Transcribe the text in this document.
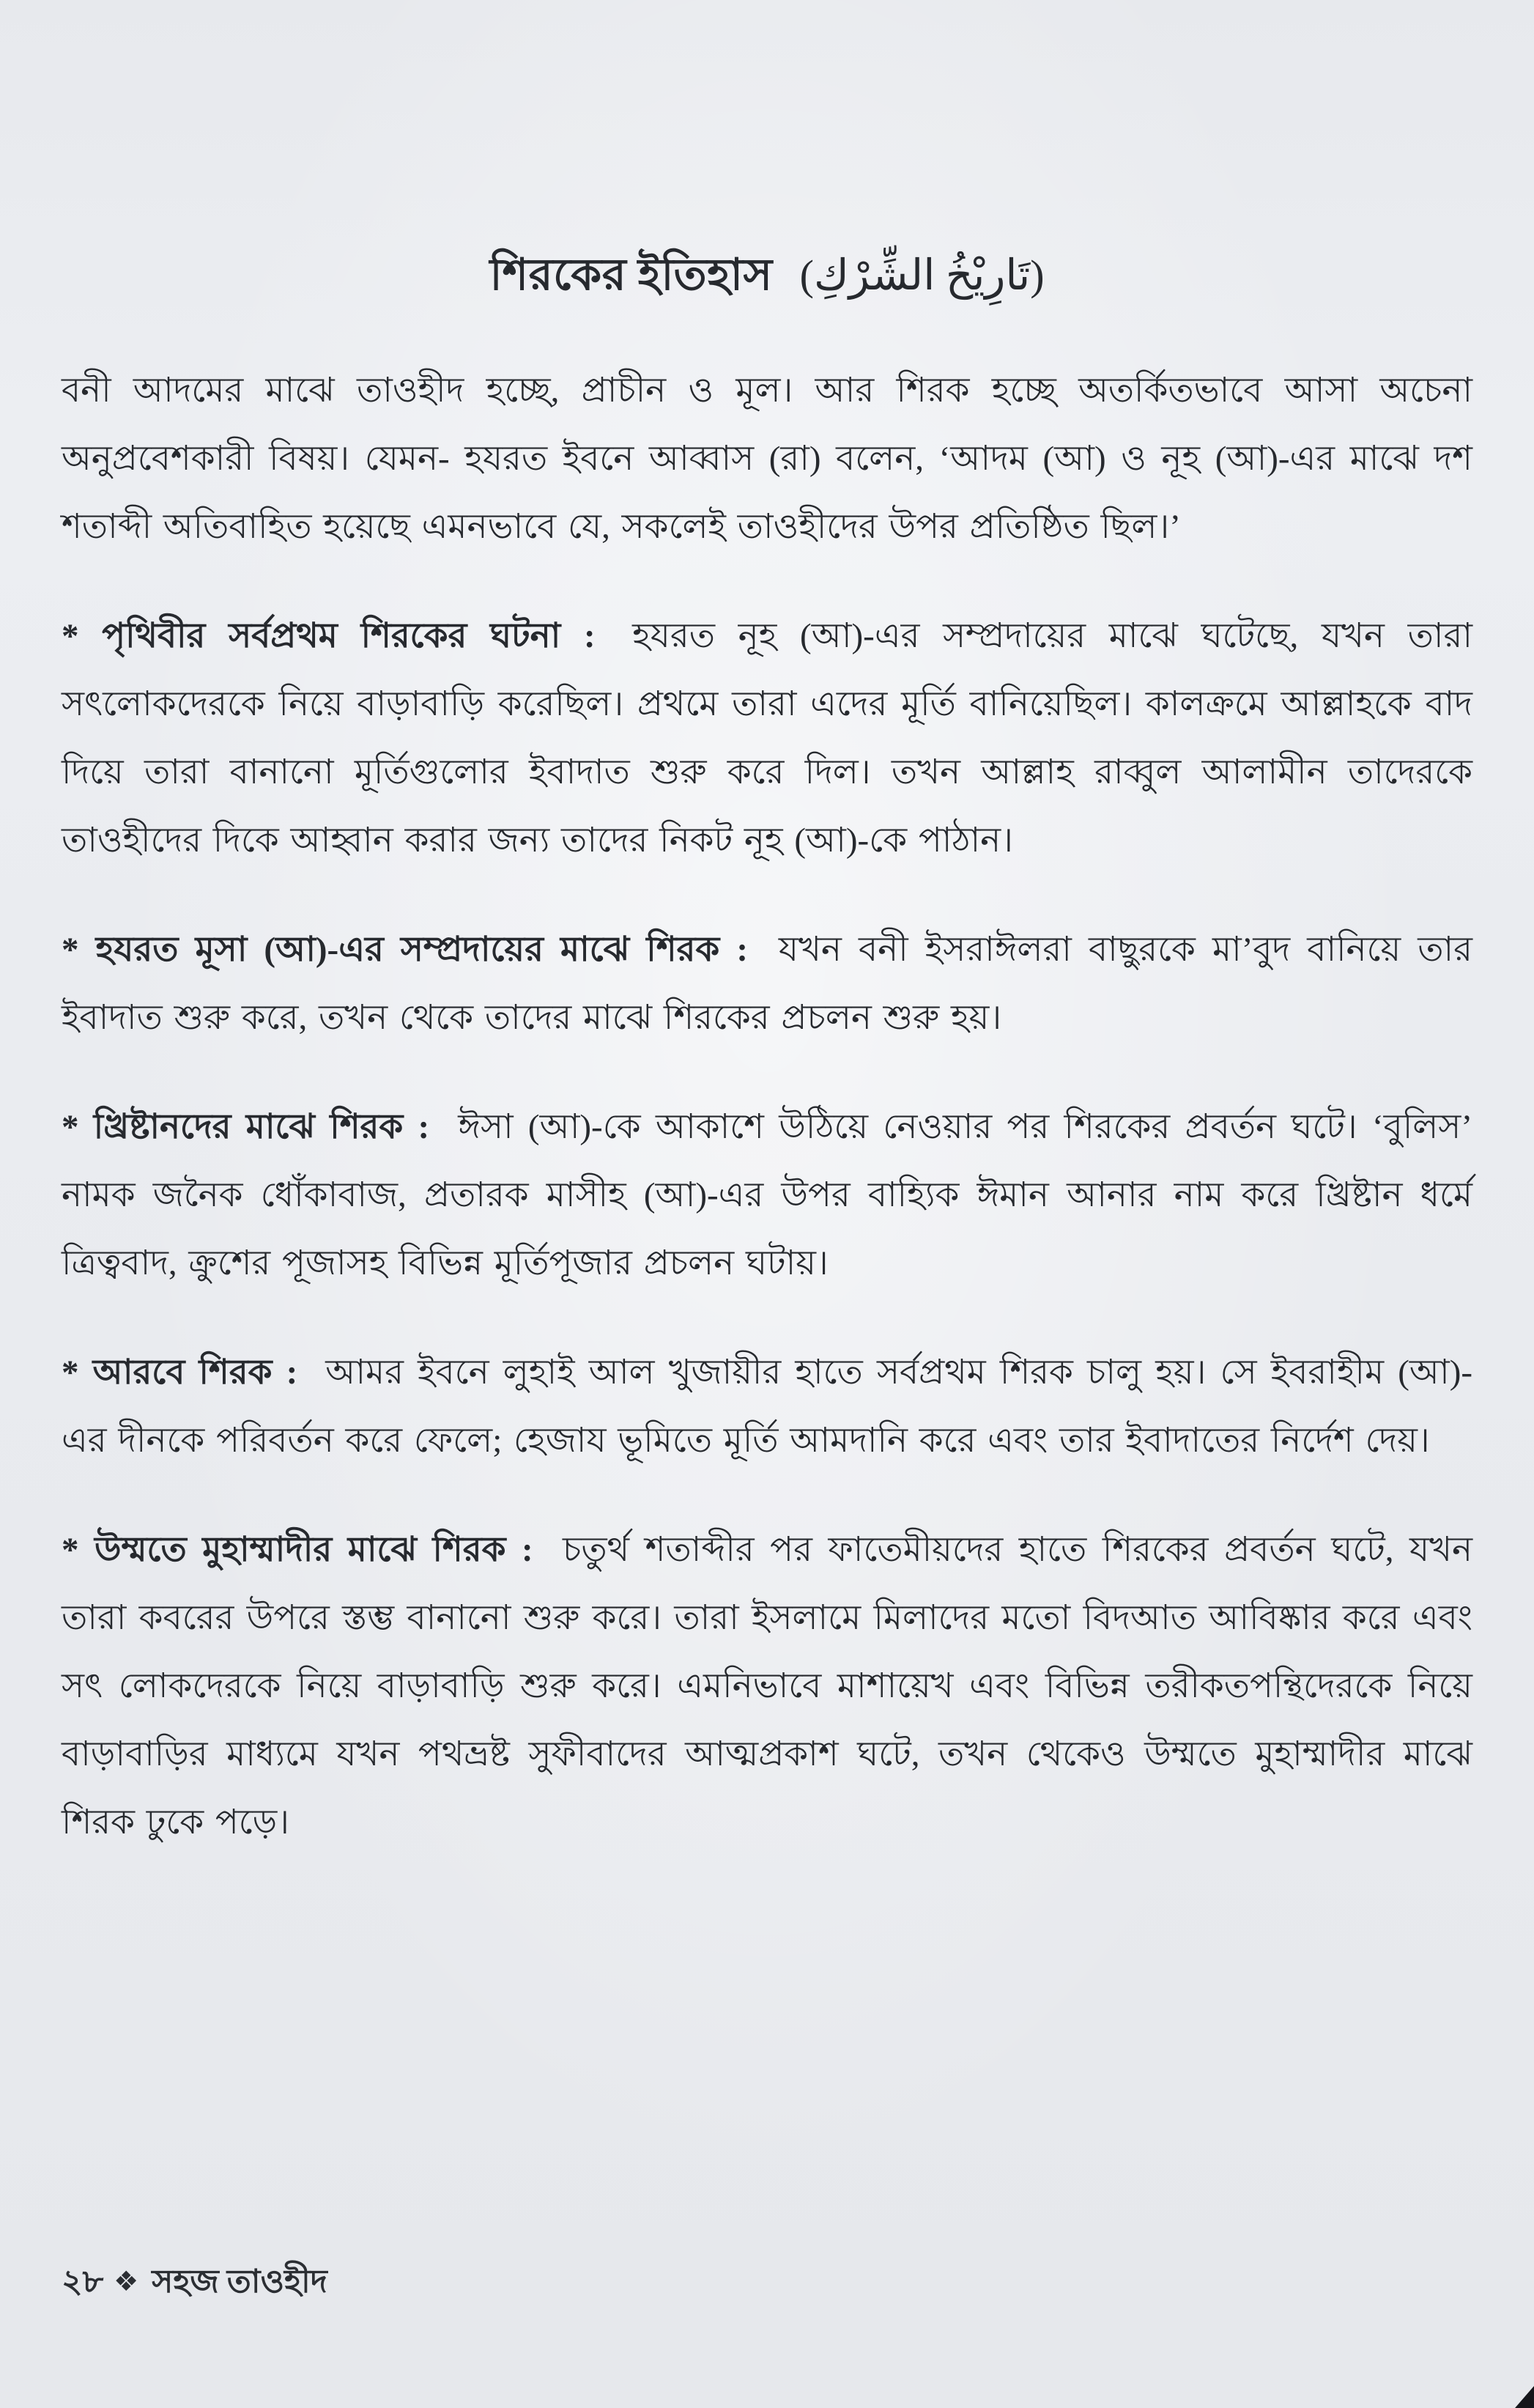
শিরকের ইতিহাস (تَارِيْخُ الشِّرْكِ)

বনী আদমের মাঝে তাওহীদ হচ্ছে, প্রাচীন ও মূল। আর শিরক হচ্ছে অতর্কিতভাবে আসা অচেনা অনুপ্রবেশকারী বিষয়। যেমন- হযরত ইবনে আব্বাস (রা) বলেন, ‘আদম (আ) ও নূহ (আ)-এর মাঝে দশ শতাব্দী অতিবাহিত হয়েছে এমনভাবে যে, সকলেই তাওহীদের উপর প্রতিষ্ঠিত ছিল।’

* পৃথিবীর সর্বপ্রথম শিরকের ঘটনা : হযরত নূহ (আ)-এর সম্প্রদায়ের মাঝে ঘটেছে, যখন তারা সৎলোকদেরকে নিয়ে বাড়াবাড়ি করেছিল। প্রথমে তারা এদের মূর্তি বানিয়েছিল। কালক্রমে আল্লাহকে বাদ দিয়ে তারা বানানো মূর্তিগুলোর ইবাদাত শুরু করে দিল। তখন আল্লাহ রাব্বুল আলামীন তাদেরকে তাওহীদের দিকে আহ্বান করার জন্য তাদের নিকট নূহ (আ)-কে পাঠান।

* হযরত মূসা (আ)-এর সম্প্রদায়ের মাঝে শিরক : যখন বনী ইসরাঈলরা বাছুরকে মা’বুদ বানিয়ে তার ইবাদাত শুরু করে, তখন থেকে তাদের মাঝে শিরকের প্রচলন শুরু হয়।

* খ্রিষ্টানদের মাঝে শিরক : ঈসা (আ)-কে আকাশে উঠিয়ে নেওয়ার পর শিরকের প্রবর্তন ঘটে। ‘বুলিস’ নামক জনৈক ধোঁকাবাজ, প্রতারক মাসীহ (আ)-এর উপর বাহ্যিক ঈমান আনার নাম করে খ্রিষ্টান ধর্মে ত্রিত্ববাদ, ক্রুশের পূজাসহ বিভিন্ন মূর্তিপূজার প্রচলন ঘটায়।

* আরবে শিরক : আমর ইবনে লুহাই আল খুজায়ীর হাতে সর্বপ্রথম শিরক চালু হয়। সে ইবরাহীম (আ)-এর দীনকে পরিবর্তন করে ফেলে; হেজায ভূমিতে মূর্তি আমদানি করে এবং তার ইবাদাতের নির্দেশ দেয়।

* উম্মতে মুহাম্মাদীর মাঝে শিরক : চতুর্থ শতাব্দীর পর ফাতেমীয়দের হাতে শিরকের প্রবর্তন ঘটে, যখন তারা কবরের উপরে স্তম্ভ বানানো শুরু করে। তারা ইসলামে মিলাদের মতো বিদআত আবিষ্কার করে এবং সৎ লোকদেরকে নিয়ে বাড়াবাড়ি শুরু করে। এমনিভাবে মাশায়েখ এবং বিভিন্ন তরীকতপন্থিদেরকে নিয়ে বাড়াবাড়ির মাধ্যমে যখন পথভ্রষ্ট সুফীবাদের আত্মপ্রকাশ ঘটে, তখন থেকেও উম্মতে মুহাম্মাদীর মাঝে শিরক ঢুকে পড়ে।

২৮ ❖ সহজ তাওহীদ
